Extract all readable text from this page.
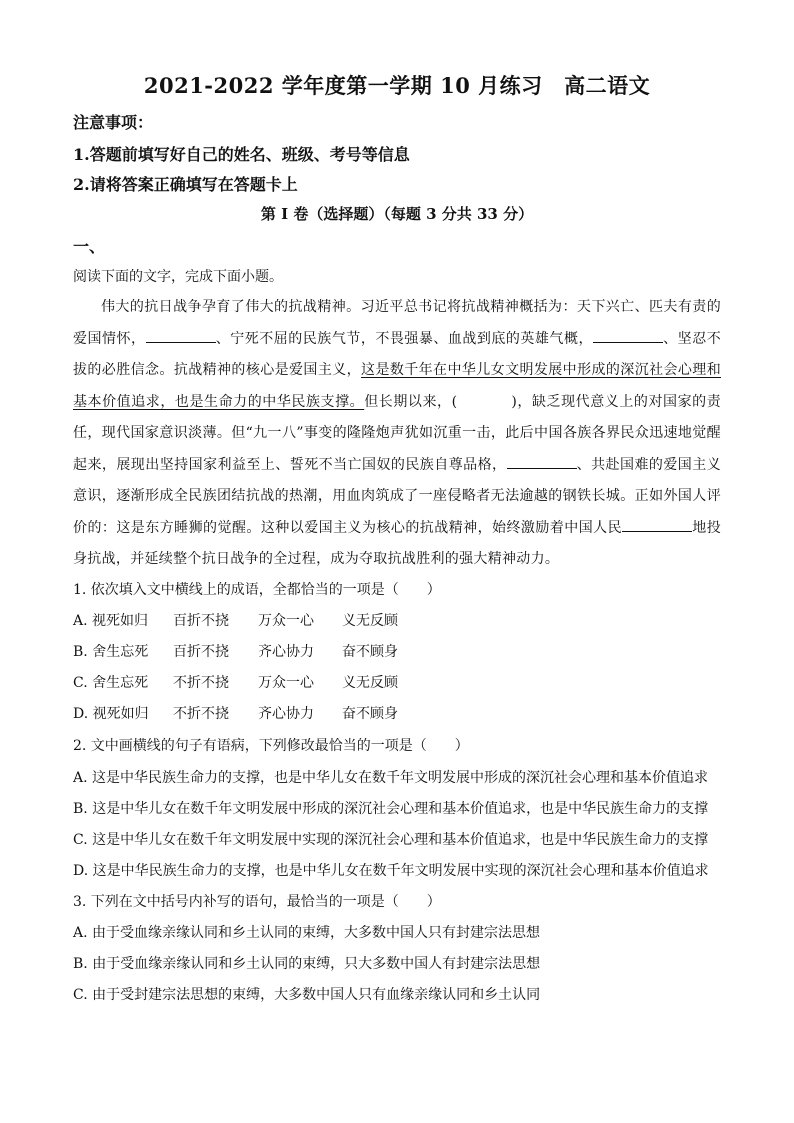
2021-2022 学年度第一学期 10 月练习　高二语文
注意事项：
1.答题前填写好自己的姓名、班级、考号等信息
2.请将答案正确填写在答题卡上
第 I 卷（选择题）（每题 3 分共 33 分）
一、
阅读下面的文字，完成下面小题。

伟大的抗日战争孕育了伟大的抗战精神。习近平总书记将抗战精神概括为：天下兴亡、匹夫有责的爱国情怀，	、宁死不屈的民族气节，不畏强暴、血战到底的英雄气概，	、坚忍不拔的必胜信念。抗战精神的核心是爱国主义，这是数千年在中华儿女文明发展中形成的深沉社会心理和基本价值追求，也是生命力的中华民族支撑。但长期以来，(	)，缺乏现代意义上的对国家的责任，现代国家意识淡薄。但“九一八”事变的隆隆炮声犹如沉重一击，此后中国各族各界民众迅速地觉醒起来，展现出坚持国家利益至上、誓死不当亡国奴的民族自尊品格，	、共赴国难的爱国主义意识，逐渐形成全民族团结抗战的热潮，用血肉筑成了一座侵略者无法逾越的钢铁长城。正如外国人评价的：这是东方睡狮的觉醒。这种以爱国主义为核心的抗战精神，始终激励着中国人民	地投身抗战，并延续整个抗日战争的全过程，成为夺取抗战胜利的强大精神动力。

1. 依次填入文中横线上的成语，全都恰当的一项是（　　）
A. 视死如归 百折不挠 万众一心 义无反顾
B. 舍生忘死 百折不挠 齐心协力 奋不顾身
C. 舍生忘死 不折不挠 万众一心 义无反顾
D. 视死如归 不折不挠 齐心协力 奋不顾身
2. 文中画横线的句子有语病，下列修改最恰当的一项是（　　）
A. 这是中华民族生命力的支撑，也是中华儿女在数千年文明发展中形成的深沉社会心理和基本价值追求
B. 这是中华儿女在数千年文明发展中形成的深沉社会心理和基本价值追求，也是中华民族生命力的支撑
C. 这是中华儿女在数千年文明发展中实现的深沉社会心理和基本价值追求，也是中华民族生命力的支撑
D. 这是中华民族生命力的支撑，也是中华儿女在数千年文明发展中实现的深沉社会心理和基本价值追求
3. 下列在文中括号内补写的语句，最恰当的一项是（　　）
A. 由于受血缘亲缘认同和乡土认同的束缚，大多数中国人只有封建宗法思想
B. 由于受血缘亲缘认同和乡土认同的束缚，只大多数中国人有封建宗法思想
C. 由于受封建宗法思想的束缚，大多数中国人只有血缘亲缘认同和乡土认同
